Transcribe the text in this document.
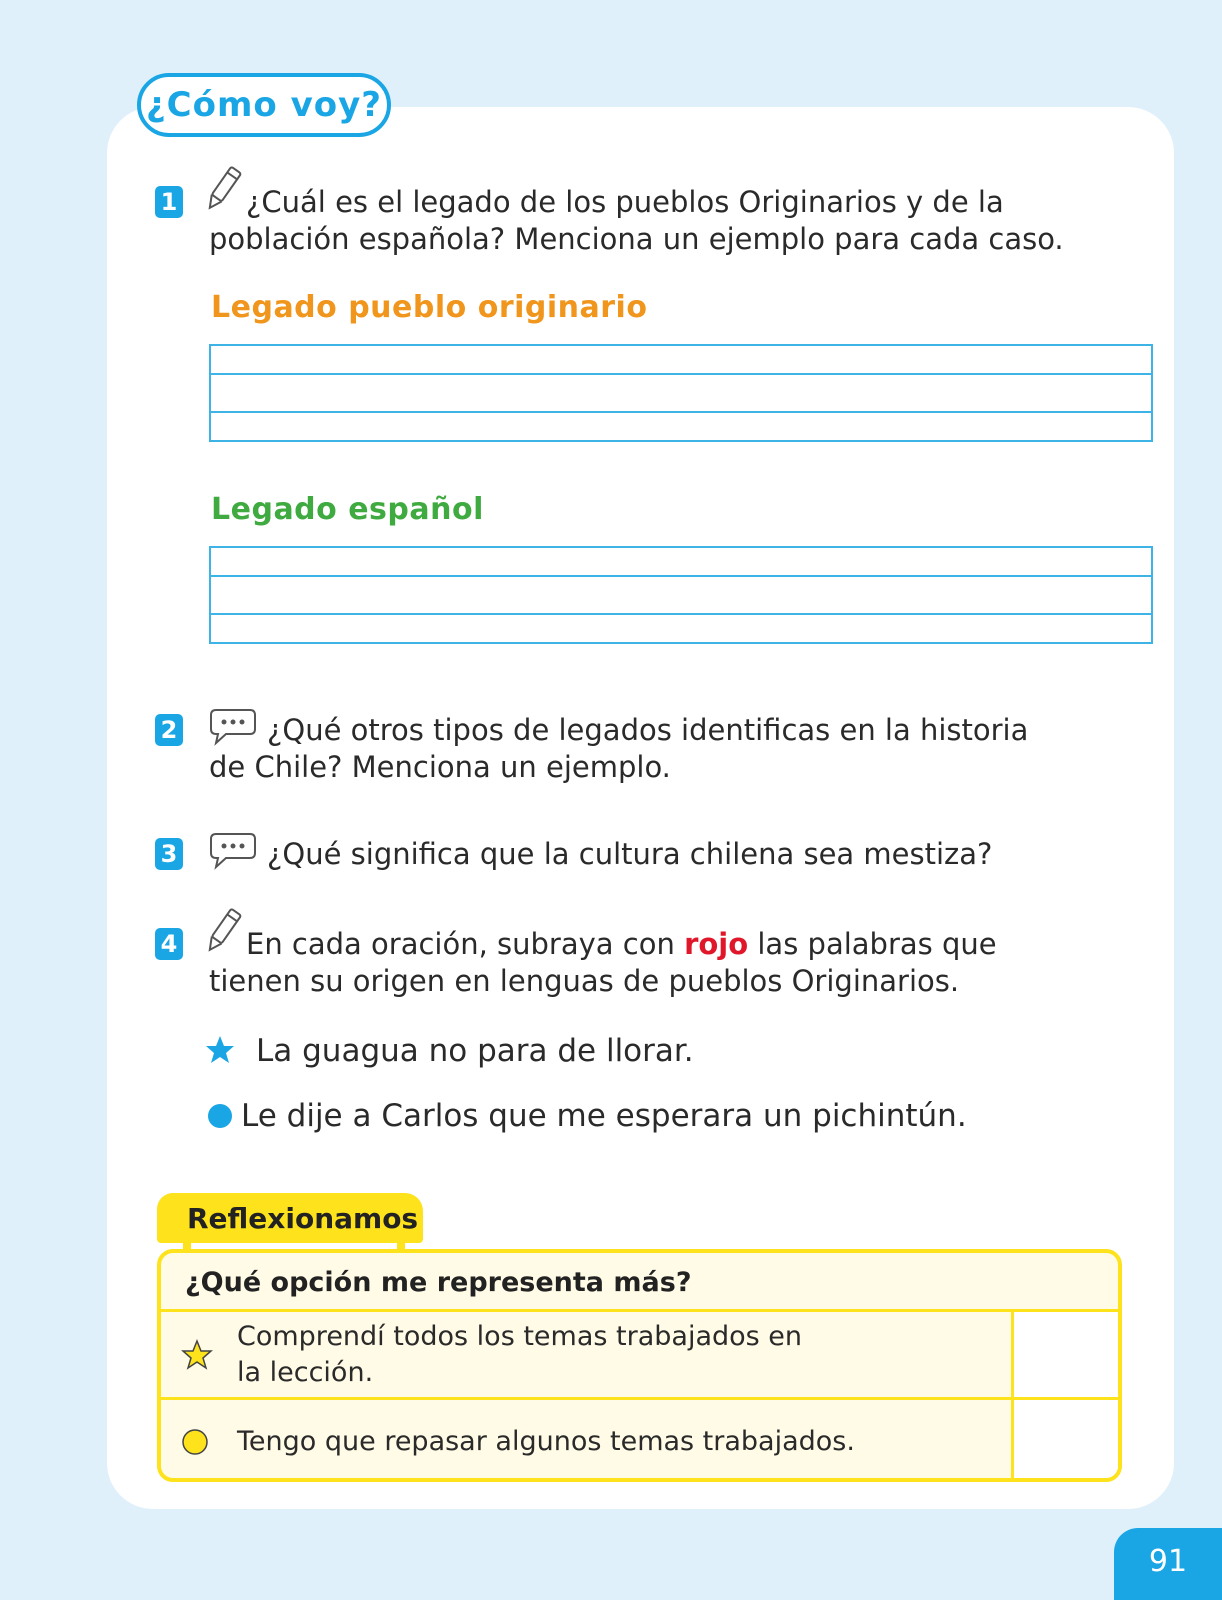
¿Cómo voy?
1	¿Cuál es el legado de los pueblos Originarios y de la
población española? Menciona un ejemplo para cada caso.
Legado pueblo originario
Legado español
2	¿Qué otros tipos de legados identificas en la historia
de Chile? Menciona un ejemplo.
3	¿Qué significa que la cultura chilena sea mestiza?
4	En cada oración, subraya con rojo las palabras que
tienen su origen en lenguas de pueblos Originarios.
La guagua no para de llorar.
Le dije a Carlos que me esperara un pichintún.
Reflexionamos
¿Qué opción me representa más?
Comprendí todos los temas trabajados en
la lección.
Tengo que repasar algunos temas trabajados.
91
